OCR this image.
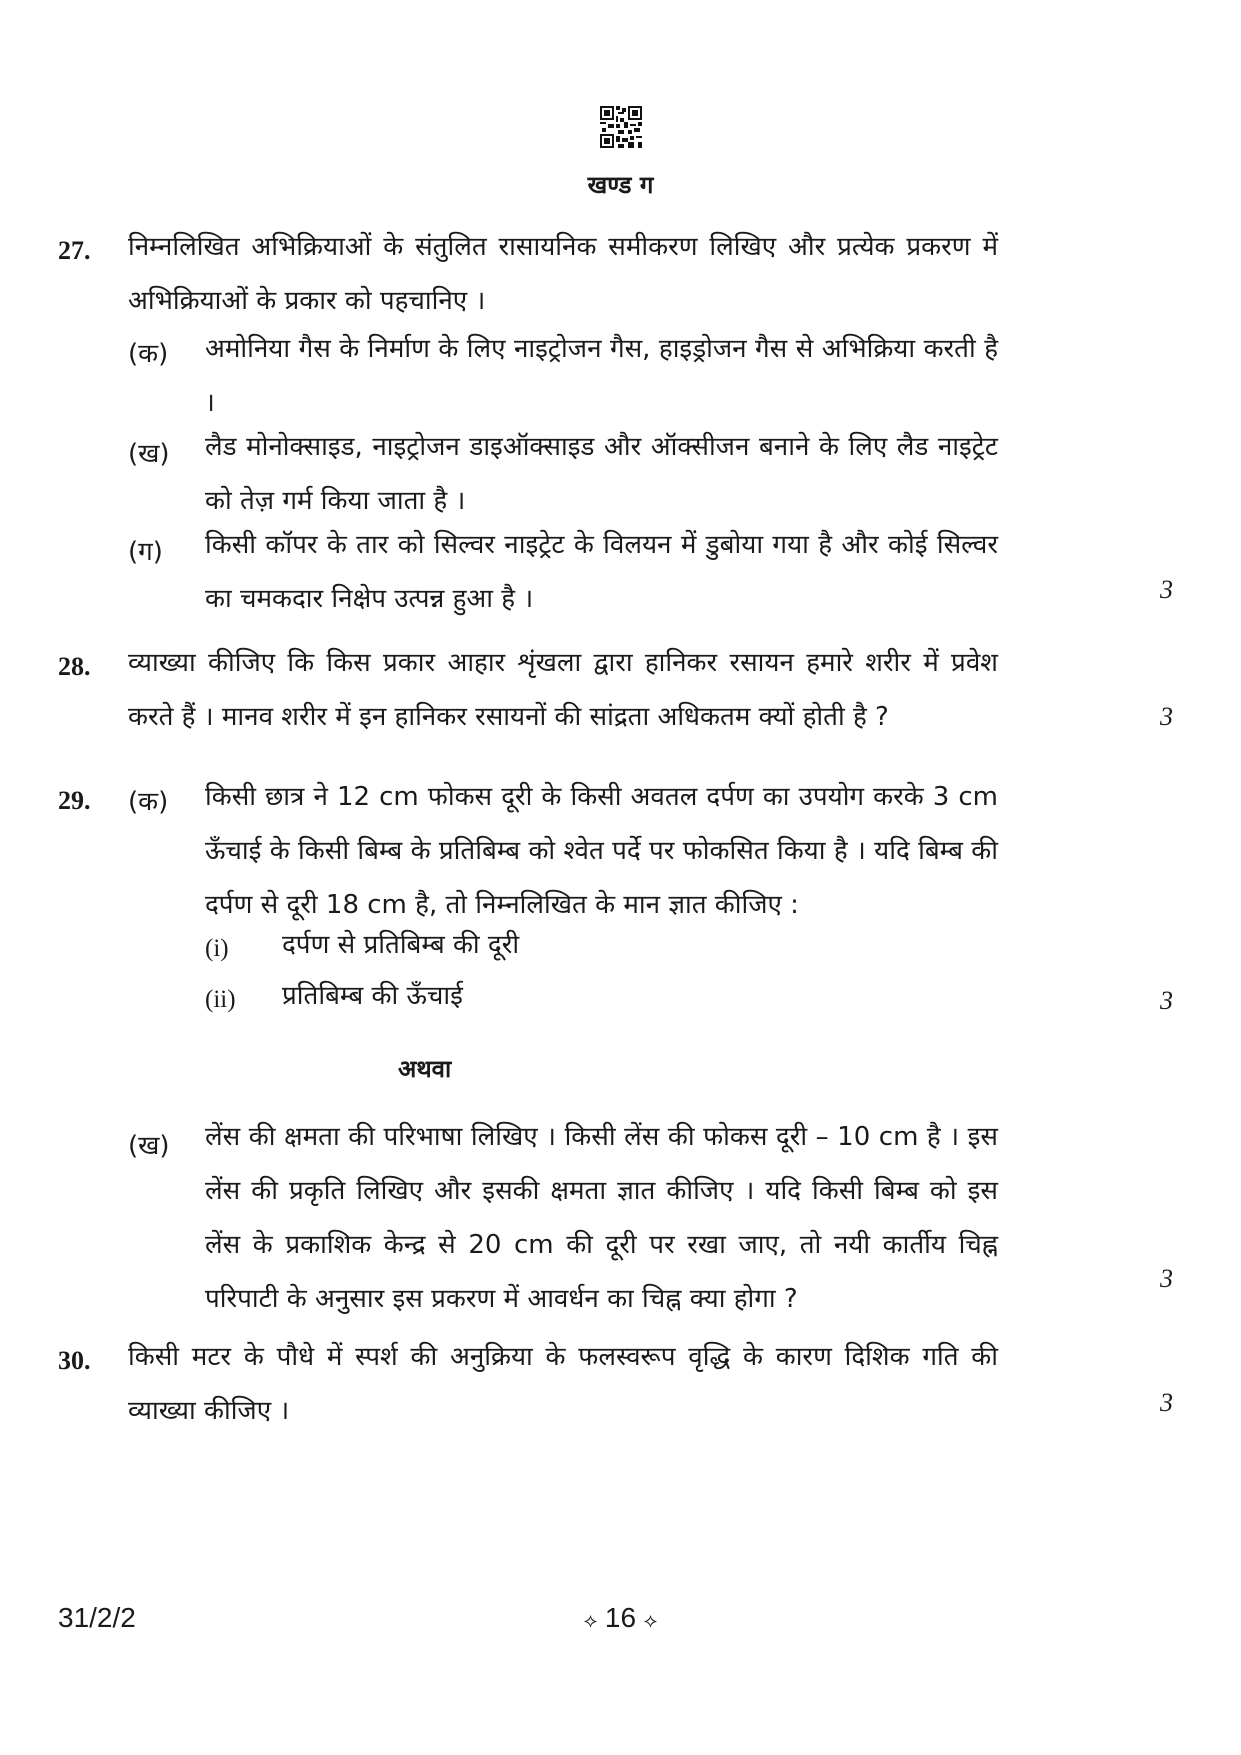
खण्ड ग
27. निम्नलिखित अभिक्रियाओं के संतुलित रासायनिक समीकरण लिखिए और प्रत्येक प्रकरण में अभिक्रियाओं के प्रकार को पहचानिए ।
(क) अमोनिया गैस के निर्माण के लिए नाइट्रोजन गैस, हाइड्रोजन गैस से अभिक्रिया करती है ।
(ख) लैड मोनोक्साइड, नाइट्रोजन डाइऑक्साइड और ऑक्सीजन बनाने के लिए लैड नाइट्रेट को तेज़ गर्म किया जाता है ।
(ग) किसी कॉपर के तार को सिल्वर नाइट्रेट के विलयन में डुबोया गया है और कोई सिल्वर का चमकदार निक्षेप उत्पन्न हुआ है ।	3
28. व्याख्या कीजिए कि किस प्रकार आहार शृंखला द्वारा हानिकर रसायन हमारे शरीर में प्रवेश करते हैं । मानव शरीर में इन हानिकर रसायनों की सांद्रता अधिकतम क्यों होती है ?	3
29. (क) किसी छात्र ने 12 cm फोकस दूरी के किसी अवतल दर्पण का उपयोग करके 3 cm ऊँचाई के किसी बिम्ब के प्रतिबिम्ब को श्वेत पर्दे पर फोकसित किया है । यदि बिम्ब की दर्पण से दूरी 18 cm है, तो निम्नलिखित के मान ज्ञात कीजिए :
(i) दर्पण से प्रतिबिम्ब की दूरी
(ii) प्रतिबिम्ब की ऊँचाई	3
अथवा
(ख) लेंस की क्षमता की परिभाषा लिखिए । किसी लेंस की फोकस दूरी – 10 cm है । इस लेंस की प्रकृति लिखिए और इसकी क्षमता ज्ञात कीजिए । यदि किसी बिम्ब को इस लेंस के प्रकाशिक केन्द्र से 20 cm की दूरी पर रखा जाए, तो नयी कार्तीय चिह्न परिपाटी के अनुसार इस प्रकरण में आवर्धन का चिह्न क्या होगा ?
3
30. किसी मटर के पौधे में स्पर्श की अनुक्रिया के फलस्वरूप वृद्धि के कारण दिशिक गति की व्याख्या कीजिए ।	3
31/2/2	⟡ 16 ⟡
